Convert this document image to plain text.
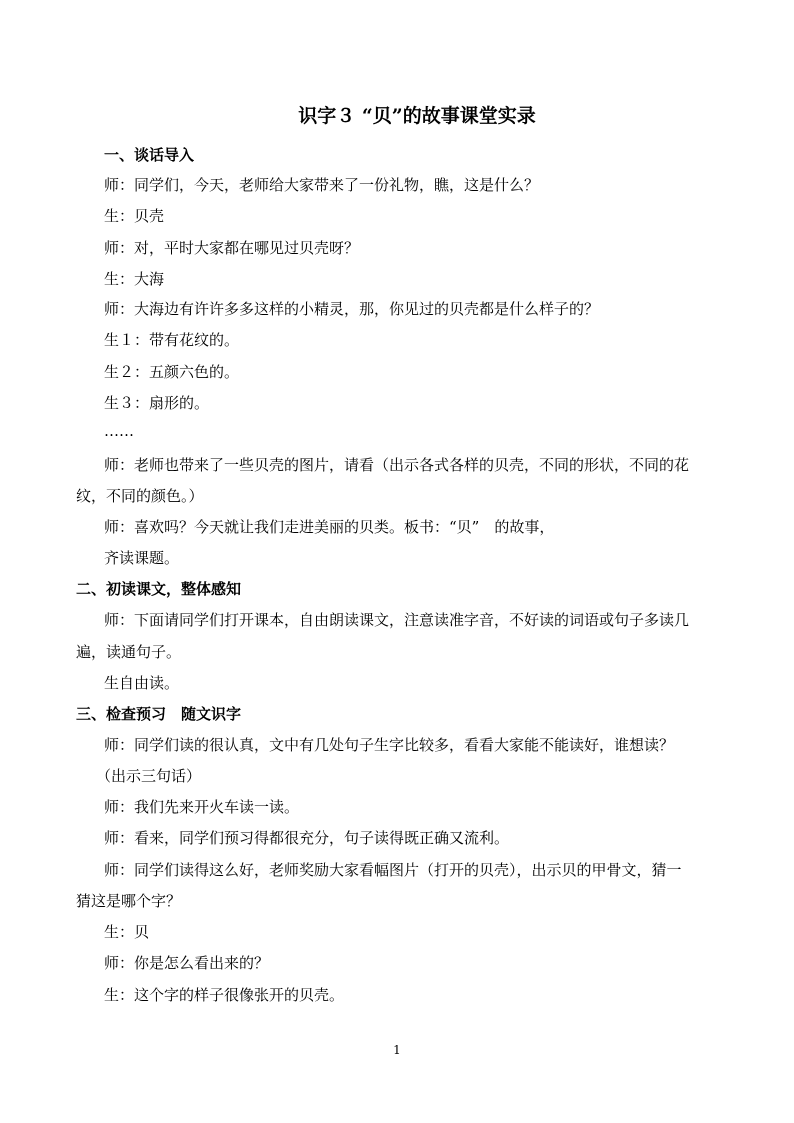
识字３ “贝”的故事课堂实录
一、谈话导入
师：同学们，今天，老师给大家带来了一份礼物，瞧，这是什么？
生：贝壳
师：对，平时大家都在哪见过贝壳呀？
生：大海
师：大海边有许许多多这样的小精灵，那，你见过的贝壳都是什么样子的？
生１：带有花纹的。
生２：五颜六色的。
生３：扇形的。
……
师：老师也带来了一些贝壳的图片，请看（出示各式各样的贝壳，不同的形状，不同的花
纹，不同的颜色。）
师：喜欢吗？今天就让我们走进美丽的贝类。板书：“贝”　的故事，
齐读课题。
二、初读课文，整体感知
师：下面请同学们打开课本，自由朗读课文，注意读准字音，不好读的词语或句子多读几
遍，读通句子。
生自由读。
三、检查预习　随文识字
师：同学们读的很认真，文中有几处句子生字比较多，看看大家能不能读好，谁想读？
（出示三句话）
师：我们先来开火车读一读。
师：看来，同学们预习得都很充分，句子读得既正确又流利。
师：同学们读得这么好，老师奖励大家看幅图片（打开的贝壳），出示贝的甲骨文，猜一
猜这是哪个字？
生：贝
师：你是怎么看出来的？
生：这个字的样子很像张开的贝壳。
1
